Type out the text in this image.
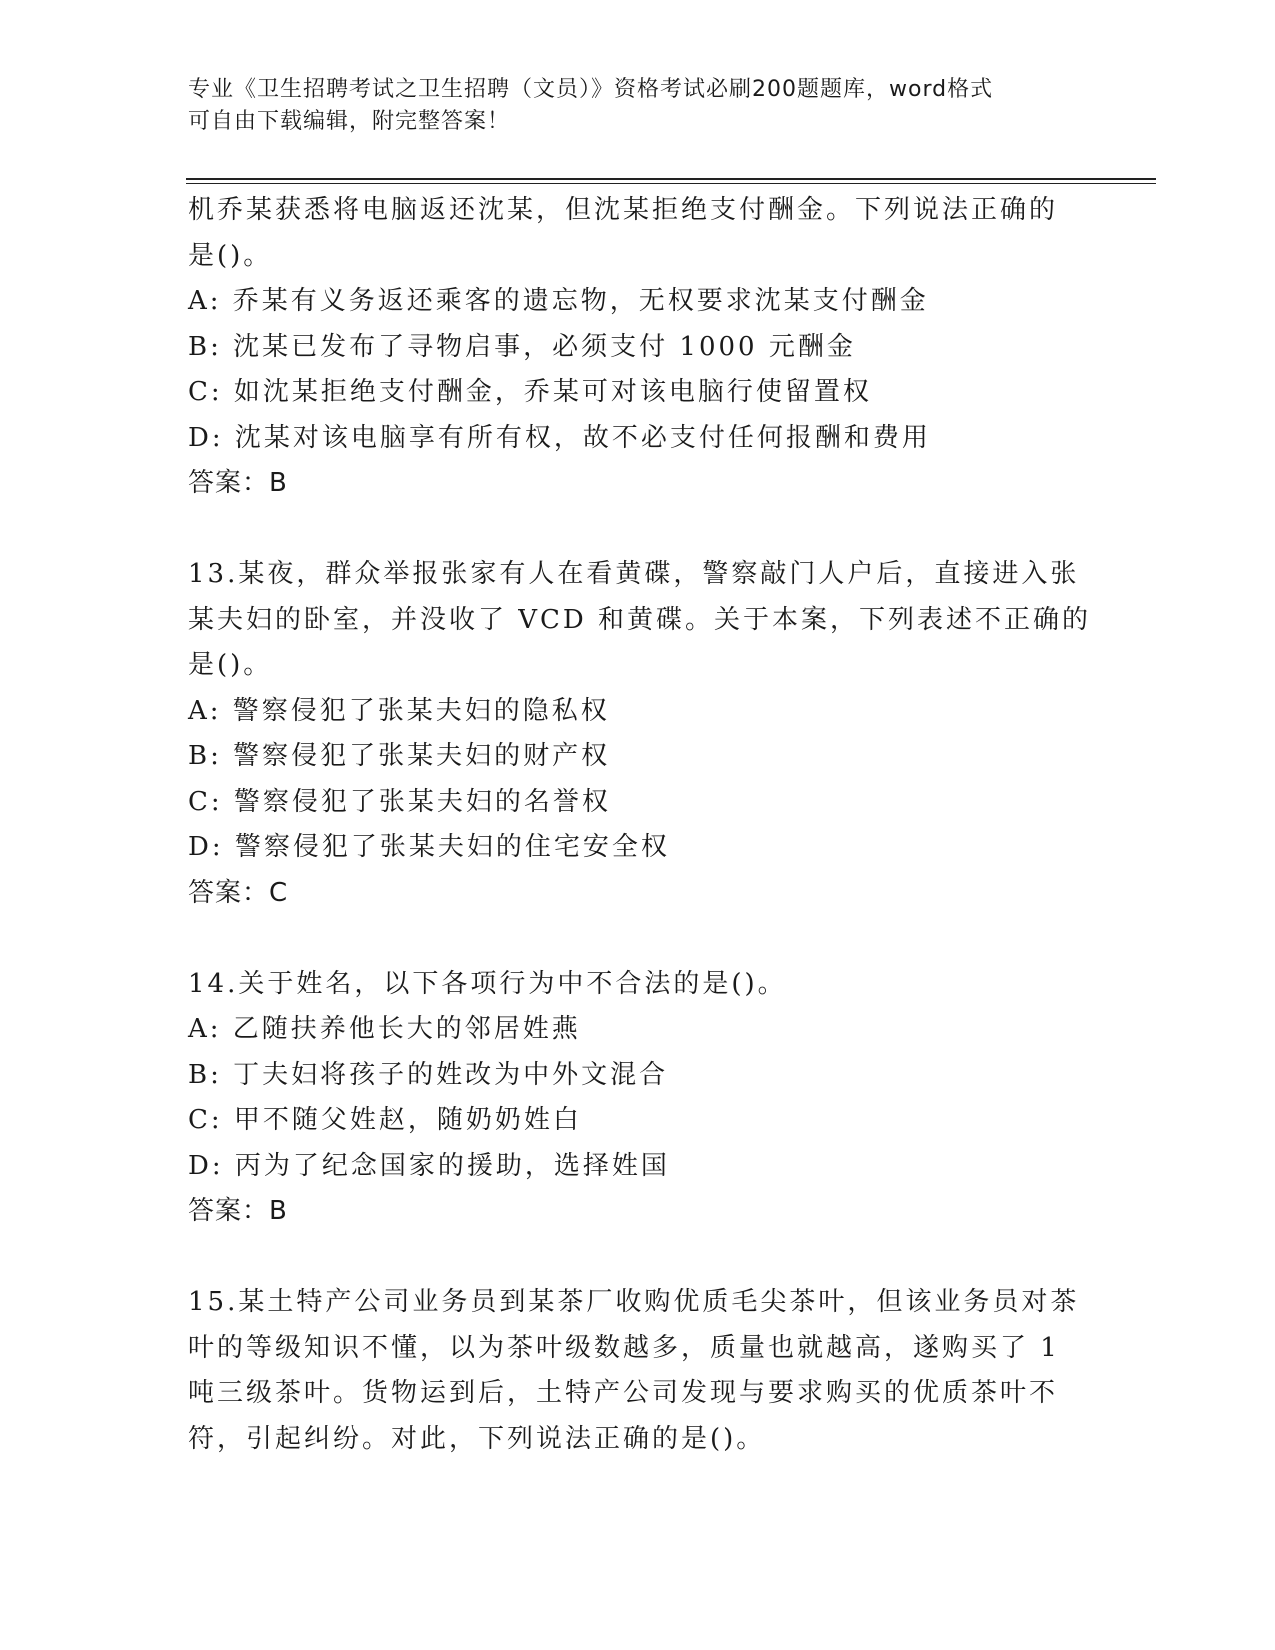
专业《卫生招聘考试之卫生招聘（文员）》资格考试必刷200题题库，word格式
可自由下载编辑，附完整答案！
机乔某获悉将电脑返还沈某，但沈某拒绝支付酬金。下列说法正确的
是()。
A: 乔某有义务返还乘客的遗忘物，无权要求沈某支付酬金
B: 沈某已发布了寻物启事，必须支付 1000 元酬金
C: 如沈某拒绝支付酬金，乔某可对该电脑行使留置权
D: 沈某对该电脑享有所有权，故不必支付任何报酬和费用
答案：B
13.某夜，群众举报张家有人在看黄碟，警察敲门人户后，直接进入张
某夫妇的卧室，并没收了 VCD 和黄碟。关于本案，下列表述不正确的
是()。
A: 警察侵犯了张某夫妇的隐私权
B: 警察侵犯了张某夫妇的财产权
C: 警察侵犯了张某夫妇的名誉权
D: 警察侵犯了张某夫妇的住宅安全权
答案：C
14.关于姓名，以下各项行为中不合法的是()。
A: 乙随扶养他长大的邻居姓燕
B: 丁夫妇将孩子的姓改为中外文混合
C: 甲不随父姓赵，随奶奶姓白
D: 丙为了纪念国家的援助，选择姓国
答案：B
15.某土特产公司业务员到某茶厂收购优质毛尖茶叶，但该业务员对茶
叶的等级知识不懂，以为茶叶级数越多，质量也就越高，遂购买了 1
吨三级茶叶。货物运到后，土特产公司发现与要求购买的优质茶叶不
符，引起纠纷。对此，下列说法正确的是()。
